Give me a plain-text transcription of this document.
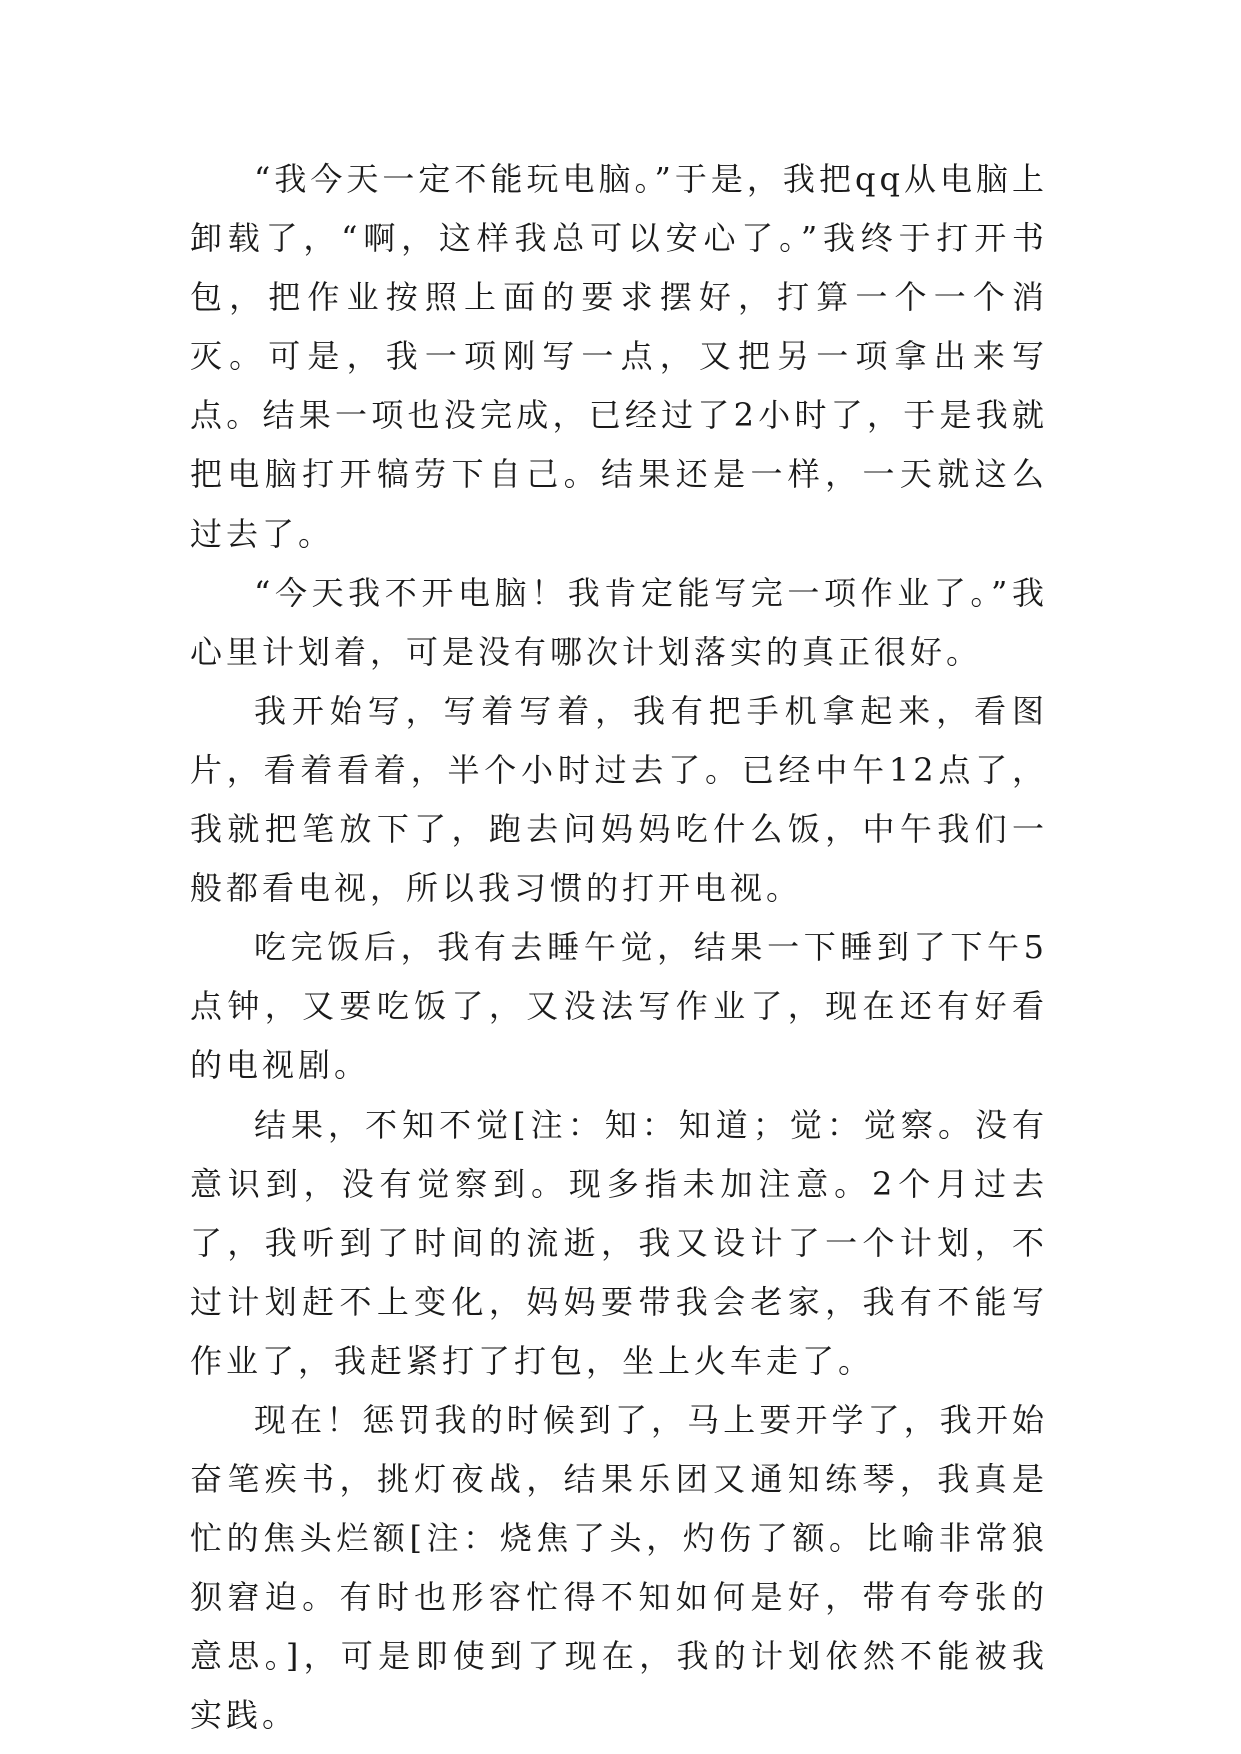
“我今天一定不能玩电脑。”于是，我把qq从电脑上卸载了，“啊，这样我总可以安心了。”我终于打开书包，把作业按照上面的要求摆好，打算一个一个消灭。可是，我一项刚写一点，又把另一项拿出来写点。结果一项也没完成，已经过了2小时了，于是我就把电脑打开犒劳下自己。结果还是一样，一天就这么过去了。

“今天我不开电脑！我肯定能写完一项作业了。”我心里计划着，可是没有哪次计划落实的真正很好。

我开始写，写着写着，我有把手机拿起来，看图片，看着看着，半个小时过去了。已经中午12点了，我就把笔放下了，跑去问妈妈吃什么饭，中午我们一般都看电视，所以我习惯的打开电视。

吃完饭后，我有去睡午觉，结果一下睡到了下午5点钟，又要吃饭了，又没法写作业了，现在还有好看的电视剧。

结果，不知不觉[注：知：知道；觉：觉察。没有意识到，没有觉察到。现多指未加注意。2个月过去了，我听到了时间的流逝，我又设计了一个计划，不过计划赶不上变化，妈妈要带我会老家，我有不能写作业了，我赶紧打了打包，坐上火车走了。

现在！惩罚我的时候到了，马上要开学了，我开始奋笔疾书，挑灯夜战，结果乐团又通知练琴，我真是忙的焦头烂额[注：烧焦了头，灼伤了额。比喻非常狼狈窘迫。有时也形容忙得不知如何是好，带有夸张的意思。]，可是即使到了现在，我的计划依然不能被我实践。
